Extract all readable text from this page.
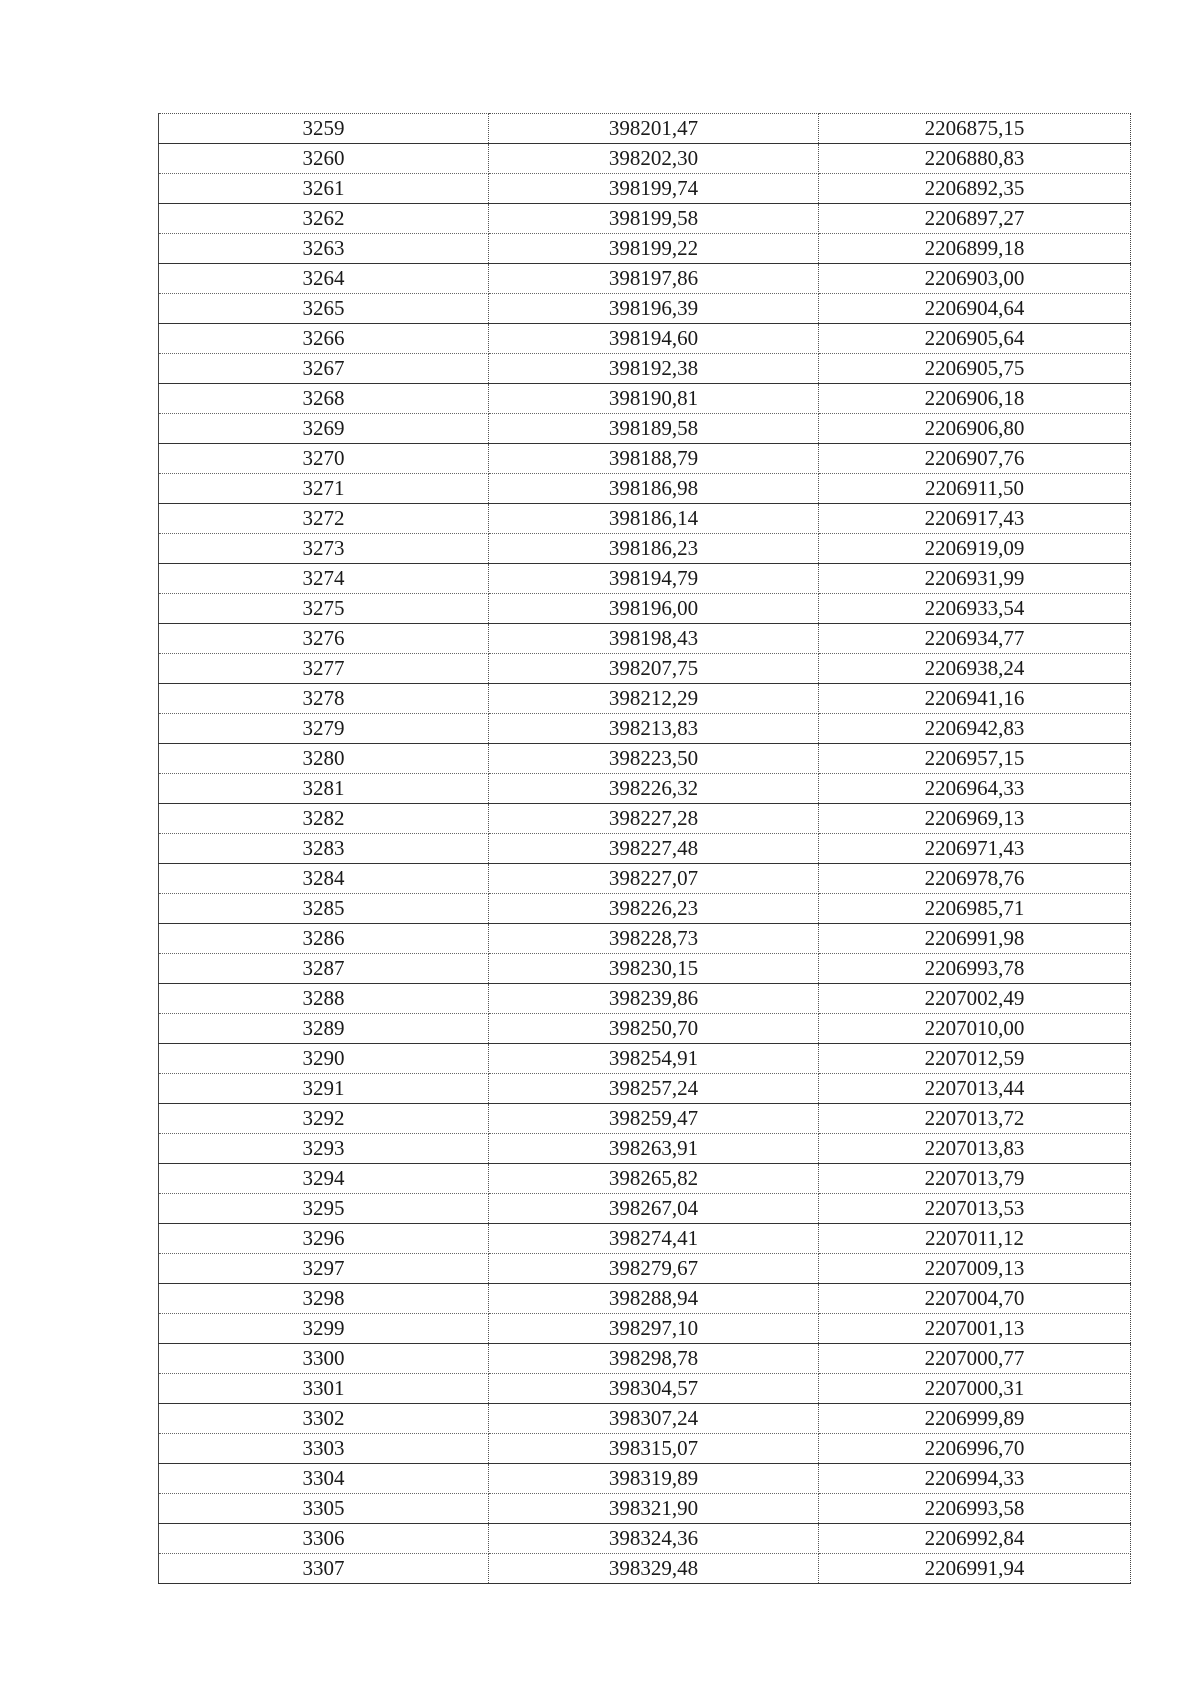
3259	398201,47	2206875,15
3260	398202,30	2206880,83
3261	398199,74	2206892,35
3262	398199,58	2206897,27
3263	398199,22	2206899,18
3264	398197,86	2206903,00
3265	398196,39	2206904,64
3266	398194,60	2206905,64
3267	398192,38	2206905,75
3268	398190,81	2206906,18
3269	398189,58	2206906,80
3270	398188,79	2206907,76
3271	398186,98	2206911,50
3272	398186,14	2206917,43
3273	398186,23	2206919,09
3274	398194,79	2206931,99
3275	398196,00	2206933,54
3276	398198,43	2206934,77
3277	398207,75	2206938,24
3278	398212,29	2206941,16
3279	398213,83	2206942,83
3280	398223,50	2206957,15
3281	398226,32	2206964,33
3282	398227,28	2206969,13
3283	398227,48	2206971,43
3284	398227,07	2206978,76
3285	398226,23	2206985,71
3286	398228,73	2206991,98
3287	398230,15	2206993,78
3288	398239,86	2207002,49
3289	398250,70	2207010,00
3290	398254,91	2207012,59
3291	398257,24	2207013,44
3292	398259,47	2207013,72
3293	398263,91	2207013,83
3294	398265,82	2207013,79
3295	398267,04	2207013,53
3296	398274,41	2207011,12
3297	398279,67	2207009,13
3298	398288,94	2207004,70
3299	398297,10	2207001,13
3300	398298,78	2207000,77
3301	398304,57	2207000,31
3302	398307,24	2206999,89
3303	398315,07	2206996,70
3304	398319,89	2206994,33
3305	398321,90	2206993,58
3306	398324,36	2206992,84
3307	398329,48	2206991,94
